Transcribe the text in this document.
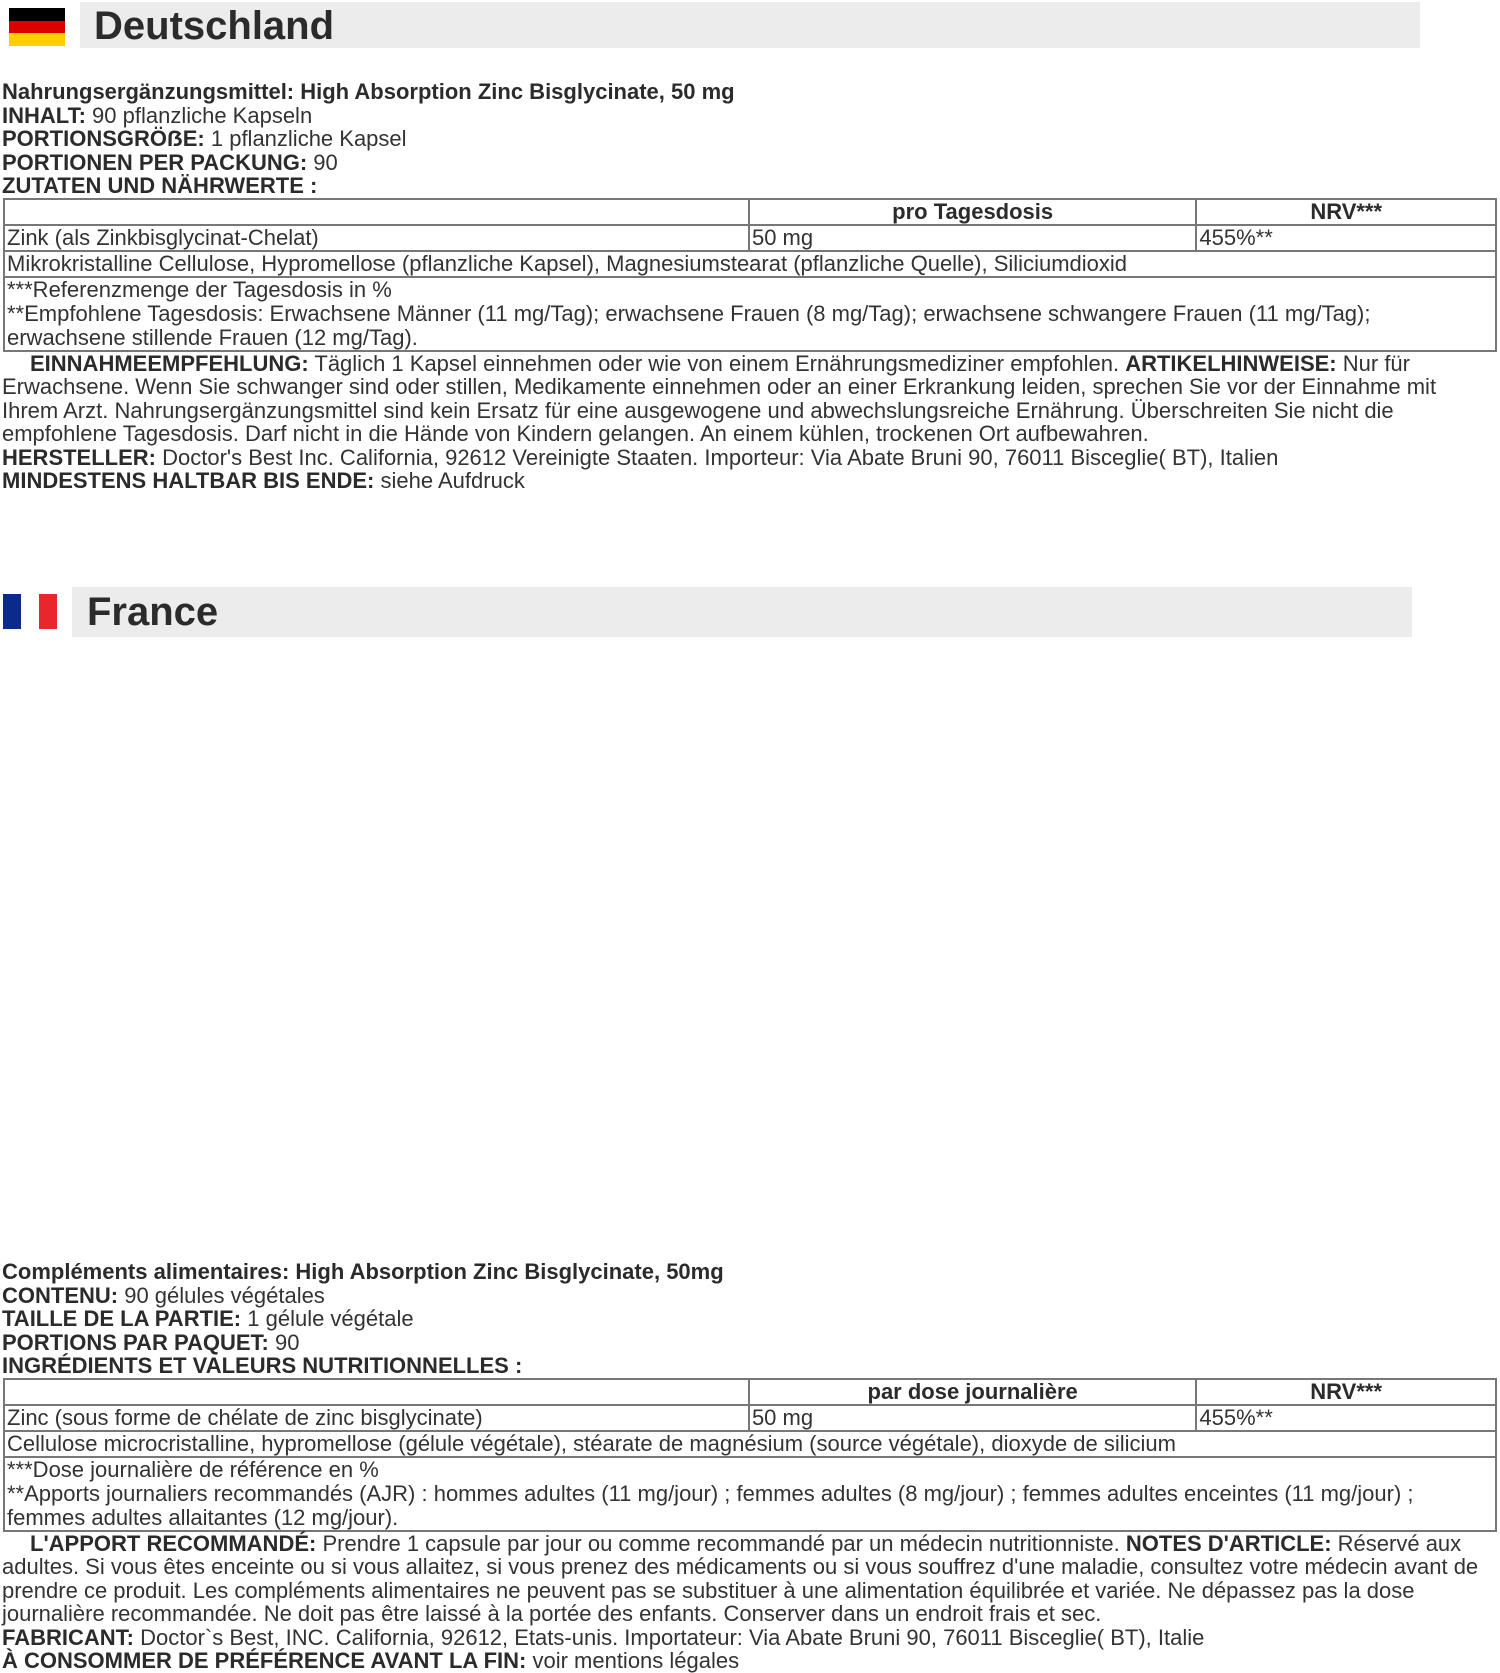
Deutschland
Nahrungsergänzungsmittel: High Absorption Zinc Bisglycinate, 50 mg
INHALT: 90 pflanzliche Kapseln
PORTIONSGRÖẞE: 1 pflanzliche Kapsel
PORTIONEN PER PACKUNG: 90
ZUTATEN UND NÄHRWERTE :
	pro Tagesdosis	NRV***
Zink (als Zinkbisglycinat-Chelat)	50 mg	455%**
Mikrokristalline Cellulose, Hypromellose (pflanzliche Kapsel), Magnesiumstearat (pflanzliche Quelle), Siliciumdioxid		

***Referenzmenge der Tagesdosis in %
**Empfohlene Tagesdosis: Erwachsene Männer (11 mg/Tag); erwachsene Frauen (8 mg/Tag); erwachsene schwangere Frauen (11 mg/Tag); erwachsene stillende Frauen (12 mg/Tag).		

EINNAHMEEMPFEHLUNG: Täglich 1 Kapsel einnehmen oder wie von einem Ernährungsmediziner empfohlen. ARTIKELHINWEISE: Nur für Erwachsene. Wenn Sie schwanger sind oder stillen, Medikamente einnehmen oder an einer Erkrankung leiden, sprechen Sie vor der Einnahme mit Ihrem Arzt. Nahrungsergänzungsmittel sind kein Ersatz für eine ausgewogene und abwechslungsreiche Ernährung. Überschreiten Sie nicht die empfohlene Tagesdosis. Darf nicht in die Hände von Kindern gelangen. An einem kühlen, trockenen Ort aufbewahren.

HERSTELLER: Doctor's Best Inc. California, 92612 Vereinigte Staaten. Importeur: Via Abate Bruni 90, 76011 Bisceglie( BT), Italien
MINDESTENS HALTBAR BIS ENDE: siehe Aufdruck
France
Compléments alimentaires: High Absorption Zinc Bisglycinate, 50mg
CONTENU: 90 gélules végétales
TAILLE DE LA PARTIE: 1 gélule végétale
PORTIONS PAR PAQUET: 90
INGRÉDIENTS ET VALEURS NUTRITIONNELLES :
	par dose journalière	NRV***
Zinc (sous forme de chélate de zinc bisglycinate)	50 mg	455%**
Cellulose microcristalline, hypromellose (gélule végétale), stéarate de magnésium (source végétale), dioxyde de silicium		

***Dose journalière de référence en %
**Apports journaliers recommandés (AJR) : hommes adultes (11 mg/jour) ; femmes adultes (8 mg/jour) ; femmes adultes enceintes (11 mg/jour) ; femmes adultes allaitantes (12 mg/jour).		

L'APPORT RECOMMANDÉ: Prendre 1 capsule par jour ou comme recommandé par un médecin nutritionniste. NOTES D'ARTICLE: Réservé aux adultes. Si vous êtes enceinte ou si vous allaitez, si vous prenez des médicaments ou si vous souffrez d'une maladie, consultez votre médecin avant de prendre ce produit. Les compléments alimentaires ne peuvent pas se substituer à une alimentation équilibrée et variée. Ne dépassez pas la dose journalière recommandée. Ne doit pas être laissé à la portée des enfants. Conserver dans un endroit frais et sec.

FABRICANT: Doctor`s Best, INC. California, 92612, Etats-unis. Importateur: Via Abate Bruni 90, 76011 Bisceglie( BT), Italie
À CONSOMMER DE PRÉFÉRENCE AVANT LA FIN: voir mentions légales
